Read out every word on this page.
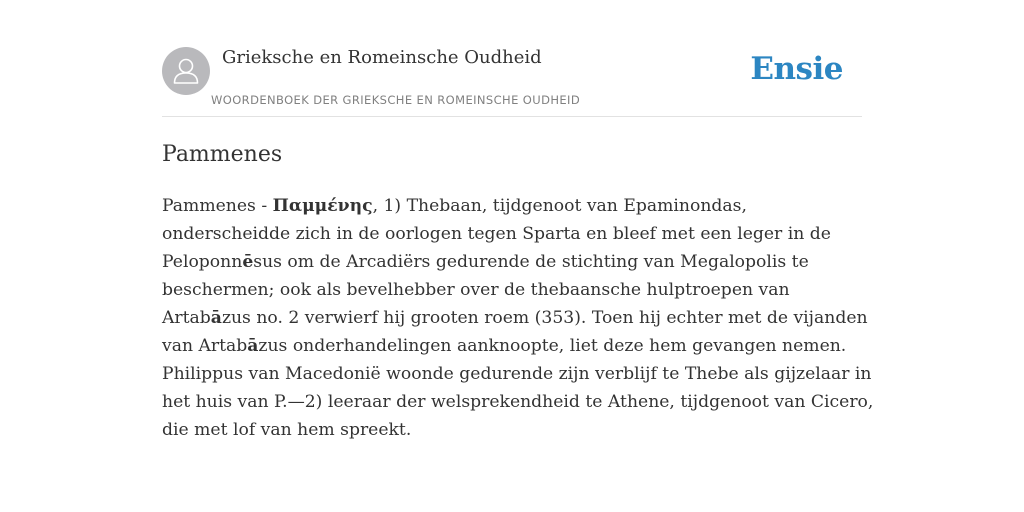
Grieksche en Romeinsche Oudheid
WOORDENBOEK DER GRIEKSCHE EN ROMEINSCHE OUDHEID
Ensie
Pammenes

Pammenes - Παμμένης, 1) Thebaan, tijdgenoot van Epaminondas,
onderscheidde zich in de oorlogen tegen Sparta en bleef met een leger in de
Peloponnēsus om de Arcadiërs gedurende de stichting van Megalopolis te
beschermen; ook als bevelhebber over de thebaansche hulptroepen van
Artabāzus no. 2 verwierf hij grooten roem (353). Toen hij echter met de vijanden
van Artabāzus onderhandelingen aanknoopte, liet deze hem gevangen nemen.
Philippus van Macedonië woonde gedurende zijn verblijf te Thebe als gijzelaar in
het huis van P.—2) leeraar der welsprekendheid te Athene, tijdgenoot van Cicero,
die met lof van hem spreekt.
